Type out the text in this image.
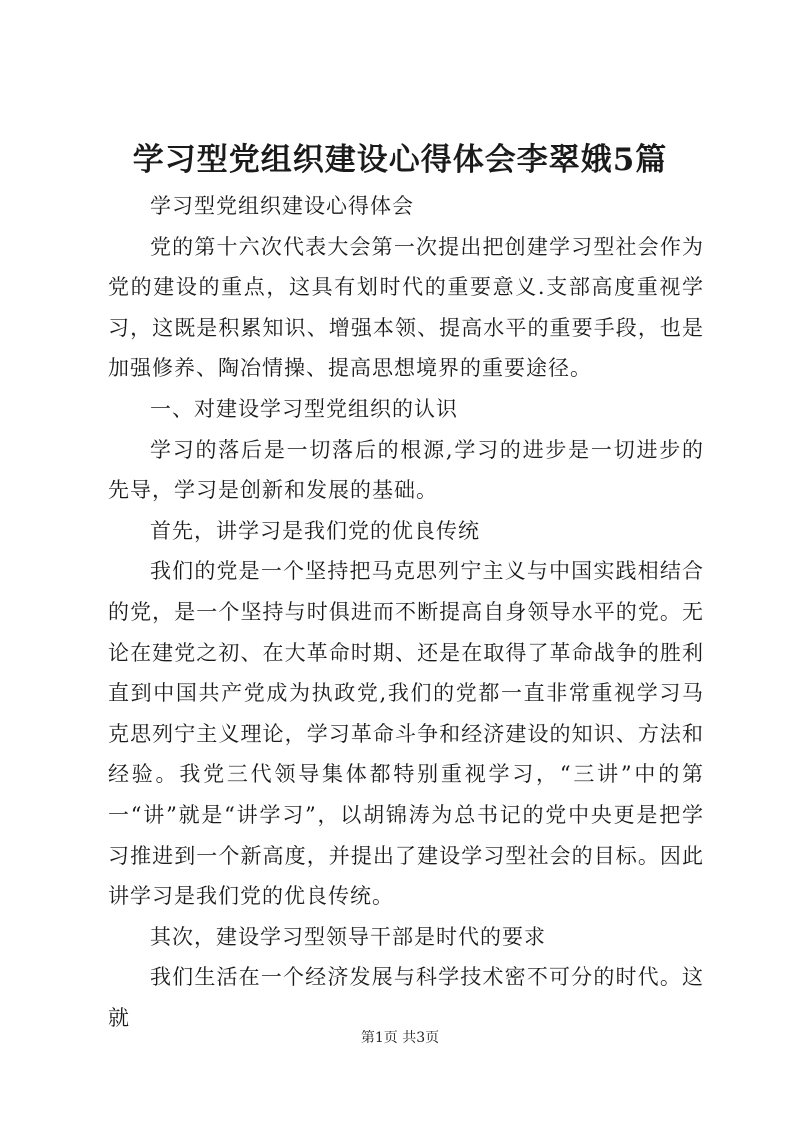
学习型党组织建设心得体会李翠娥5篇

学习型党组织建设心得体会

党的第十六次代表大会第一次提出把创建学习型社会作为党的建设的重点，这具有划时代的重要意义.支部高度重视学习，这既是积累知识、增强本领、提高水平的重要手段，也是加强修养、陶冶情操、提高思想境界的重要途径。

一、对建设学习型党组织的认识

学习的落后是一切落后的根源,学习的进步是一切进步的先导，学习是创新和发展的基础。

首先，讲学习是我们党的优良传统

我们的党是一个坚持把马克思列宁主义与中国实践相结合的党，是一个坚持与时俱进而不断提高自身领导水平的党。无论在建党之初、在大革命时期、还是在取得了革命战争的胜利直到中国共产党成为执政党,我们的党都一直非常重视学习马克思列宁主义理论，学习革命斗争和经济建设的知识、方法和经验。我党三代领导集体都特别重视学习，“三讲”中的第一“讲”就是“讲学习”，以胡锦涛为总书记的党中央更是把学习推进到一个新高度，并提出了建设学习型社会的目标。因此讲学习是我们党的优良传统。

其次，建设学习型领导干部是时代的要求

我们生活在一个经济发展与科学技术密不可分的时代。这就

第1页 共3页
